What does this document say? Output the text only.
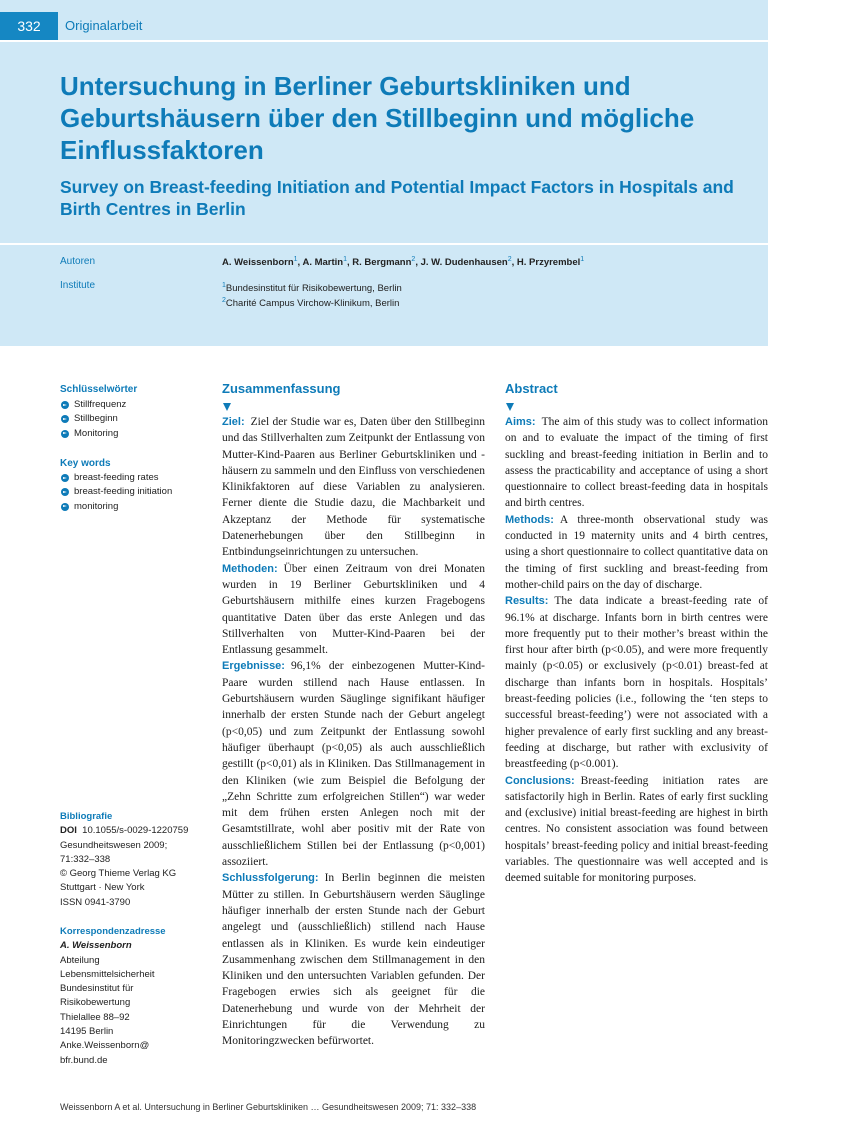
332	Originalarbeit
Untersuchung in Berliner Geburtskliniken und Geburtshäusern über den Stillbeginn und mögliche Einflussfaktoren
Survey on Breast-feeding Initiation and Potential Impact Factors in Hospitals and Birth Centres in Berlin
Autoren	A. Weissenborn$^1$, A. Martin$^1$, R. Bergmann$^2$, J. W. Dudenhausen$^2$, H. Przyrembel$^1$
Institute	$^1$Bundesinstitut für Risikobewertung, Berlin
$^2$Charité Campus Virchow-Klinikum, Berlin
Schlüsselwörter
Stillfrequenz
Stillbeginn
Monitoring
Key words
breast-feeding rates
breast-feeding initiation
monitoring
Bibliografie
DOI 10.1055/s-0029-1220759
Gesundheitswesen 2009;
71:332–338
© Georg Thieme Verlag KG
Stuttgart · New York
ISSN 0941-3790
Korrespondenzadresse
A. Weissenborn
Abteilung
Lebensmittelsicherheit
Bundesinstitut für
Risikobewertung
Thielallee 88–92
14195 Berlin
Anke.Weissenborn@
bfr.bund.de
Zusammenfassung

Ziel: Ziel der Studie war es, Daten über den Stillbeginn und das Stillverhalten zum Zeitpunkt der Entlassung von Mutter-Kind-Paaren aus Berliner Geburtskliniken und -häusern zu sammeln und den Einfluss von verschiedenen Klinikfaktoren auf diese Variablen zu analysieren. Ferner diente die Studie dazu, die Machbarkeit und Akzeptanz der Methode für systematische Datenerhebungen über den Stillbeginn in Entbindungseinrichtungen zu untersuchen.

Methoden: Über einen Zeitraum von drei Monaten wurden in 19 Berliner Geburtskliniken und 4 Geburtshäusern mithilfe eines kurzen Fragebogens quantitative Daten über das erste Anlegen und das Stillverhalten von Mutter-Kind-Paaren bei der Entlassung gesammelt.

Ergebnisse: 96,1% der einbezogenen Mutter-Kind-Paare wurden stillend nach Hause entlassen. In Geburtshäusern wurden Säuglinge signifikant häufiger innerhalb der ersten Stunde nach der Geburt angelegt (p<0,05) und zum Zeitpunkt der Entlassung sowohl häufiger überhaupt (p<0,05) als auch ausschließlich gestillt (p<0,01) als in Kliniken. Das Stillmanagement in den Kliniken (wie zum Beispiel die Befolgung der „Zehn Schritte zum erfolgreichen Stillen“) war weder mit dem frühen ersten Anlegen noch mit der Gesamtstillrate, wohl aber positiv mit der Rate von ausschließlichem Stillen bei der Entlassung (p<0,001) assoziiert.

Schlussfolgerung: In Berlin beginnen die meisten Mütter zu stillen. In Geburtshäusern werden Säuglinge häufiger innerhalb der ersten Stunde nach der Geburt angelegt und (ausschließlich) stillend nach Hause entlassen als in Kliniken. Es wurde kein eindeutiger Zusammenhang zwischen dem Stillmanagement in den Kliniken und den untersuchten Variablen gefunden. Der Fragebogen erwies sich als geeignet für die Datenerhebung und wurde von der Mehrheit der Einrichtungen für die Verwendung zu Monitoringzwecken befürwortet.

Abstract

Aims: The aim of this study was to collect information on and to evaluate the impact of the timing of first suckling and breast-feeding initiation in Berlin and to assess the practicability and acceptance of using a short questionnaire to collect breast-feeding data in hospitals and birth centres.

Methods: A three-month observational study was conducted in 19 maternity units and 4 birth centres, using a short questionnaire to collect quantitative data on the timing of first suckling and breast-feeding from mother-child pairs on the day of discharge.

Results: The data indicate a breast-feeding rate of 96.1% at discharge. Infants born in birth centres were more frequently put to their mother’s breast within the first hour after birth (p<0.05), and were more frequently mainly (p<0.05) or exclusively (p<0.01) breast-fed at discharge than infants born in hospitals. Hospitals’ breast-feeding policies (i.e., following the ‘ten steps to successful breast-feeding’) were not associated with a higher prevalence of early first suckling and any breast-feeding at discharge, but rather with exclusivity of breastfeeding (p<0.001).

Conclusions: Breast-feeding initiation rates are satisfactorily high in Berlin. Rates of early first suckling and (exclusive) initial breast-feeding are highest in birth centres. No consistent association was found between hospitals’ breast-feeding policy and initial breast-feeding variables. The questionnaire was well accepted and is deemed suitable for monitoring purposes.

Weissenborn A et al. Untersuchung in Berliner Geburtskliniken … Gesundheitswesen 2009; 71: 332–338
